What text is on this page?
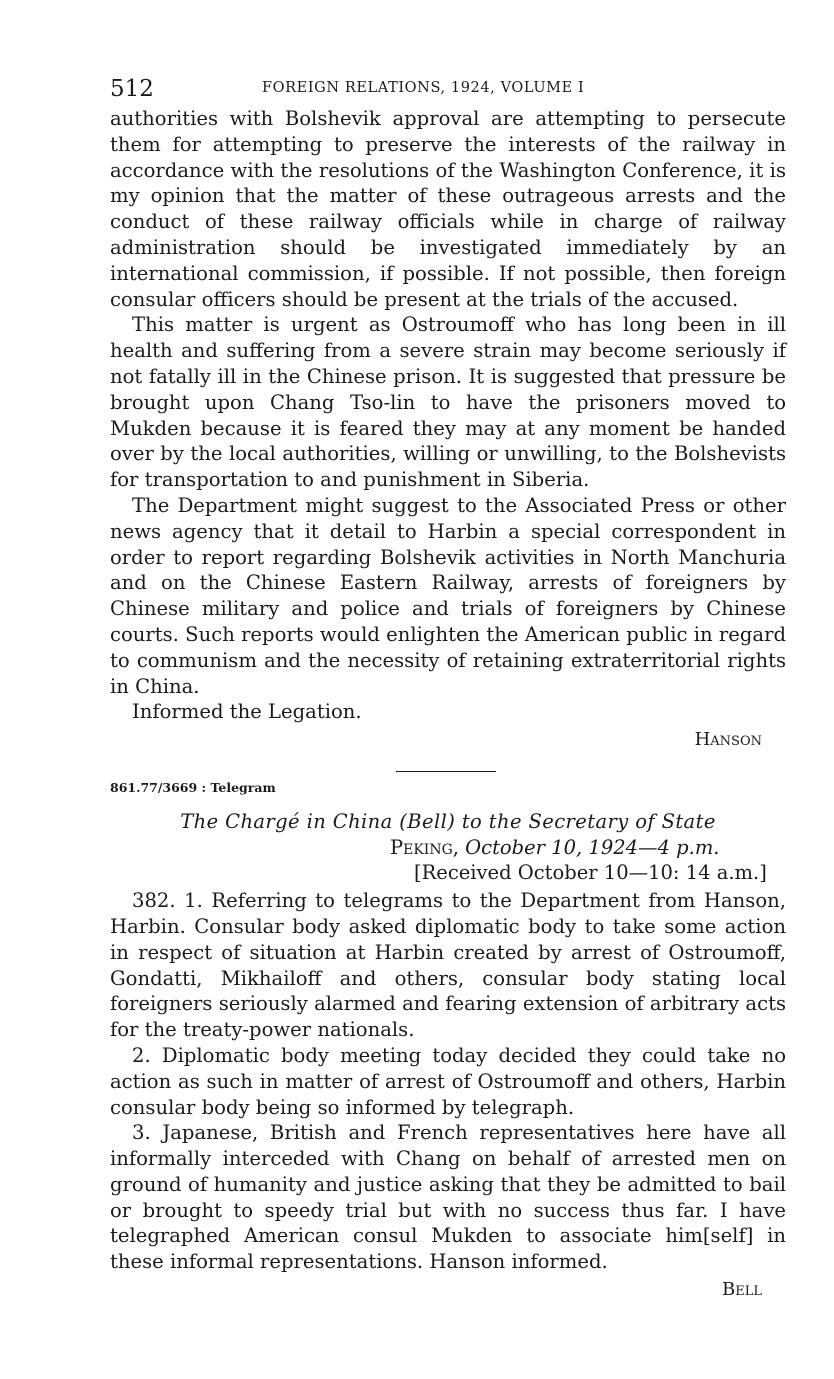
512	FOREIGN RELATIONS, 1924, VOLUME I

authorities with Bolshevik approval are attempting to persecute them for attempting to preserve the interests of the railway in accordance with the resolutions of the Washington Conference, it is my opinion that the matter of these outrageous arrests and the conduct of these railway officials while in charge of railway administration should be investigated immediately by an international commission, if possible. If not possible, then foreign consular officers should be present at the trials of the accused.

This matter is urgent as Ostroumoff who has long been in ill health and suffering from a severe strain may become seriously if not fatally ill in the Chinese prison. It is suggested that pressure be brought upon Chang Tso-lin to have the prisoners moved to Mukden because it is feared they may at any moment be handed over by the local authorities, willing or unwilling, to the Bolshevists for transportation to and punishment in Siberia.

The Department might suggest to the Associated Press or other news agency that it detail to Harbin a special correspondent in order to report regarding Bolshevik activities in North Manchuria and on the Chinese Eastern Railway, arrests of foreigners by Chinese military and police and trials of foreigners by Chinese courts. Such reports would enlighten the American public in regard to communism and the necessity of retaining extraterritorial rights in China.

Informed the Legation.

Hanson
861.77/3669 : Telegram
The Chargé in China (Bell) to the Secretary of State
Peking, October 10, 1924—4 p.m.
[Received October 10—10: 14 a.m.]

382. 1. Referring to telegrams to the Department from Hanson, Harbin. Consular body asked diplomatic body to take some action in respect of situation at Harbin created by arrest of Ostroumoff, Gondatti, Mikhailoff and others, consular body stating local foreigners seriously alarmed and fearing extension of arbitrary acts for the treaty-power nationals.

2. Diplomatic body meeting today decided they could take no action as such in matter of arrest of Ostroumoff and others, Harbin consular body being so informed by telegraph.

3. Japanese, British and French representatives here have all informally interceded with Chang on behalf of arrested men on ground of humanity and justice asking that they be admitted to bail or brought to speedy trial but with no success thus far. I have telegraphed American consul Mukden to associate him[self] in these informal representations. Hanson informed.

Bell
